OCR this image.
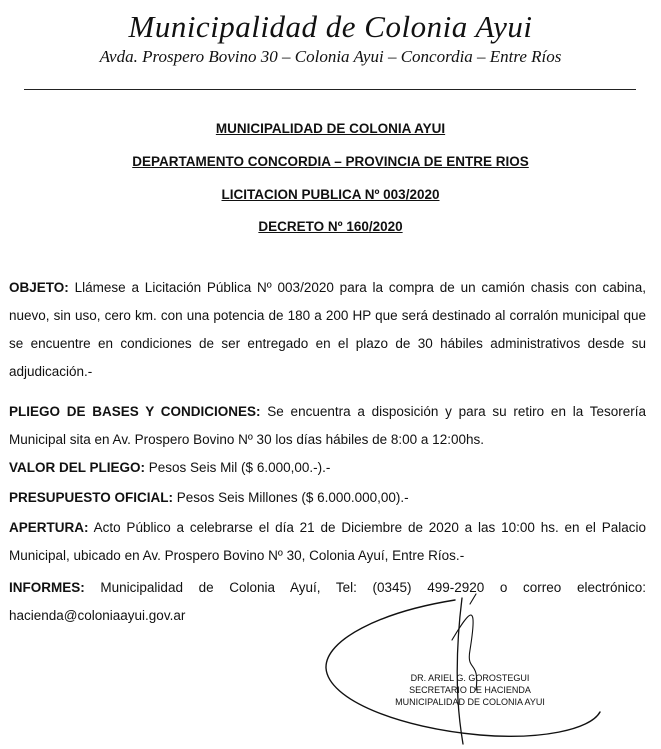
Municipalidad de Colonia Ayui
Avda. Prospero Bovino 30 – Colonia Ayui – Concordia – Entre Ríos
MUNICIPALIDAD DE COLONIA AYUI
DEPARTAMENTO CONCORDIA – PROVINCIA DE ENTRE RIOS
LICITACION PUBLICA Nº 003/2020
DECRETO Nº 160/2020
OBJETO: Llámese a Licitación Pública Nº 003/2020 para la compra de un camión chasis con cabina, nuevo, sin uso, cero km. con una potencia de 180 a 200 HP que será destinado al corralón municipal que se encuentre en condiciones de ser entregado en el plazo de 30 hábiles administrativos desde su adjudicación.-
PLIEGO DE BASES Y CONDICIONES: Se encuentra a disposición y para su retiro en la Tesorería Municipal sita en Av. Prospero Bovino Nº 30 los días hábiles de 8:00 a 12:00hs.
VALOR DEL PLIEGO: Pesos Seis Mil ($ 6.000,00.-).-
PRESUPUESTO OFICIAL: Pesos Seis Millones ($ 6.000.000,00).-
APERTURA: Acto Público a celebrarse el día 21 de Diciembre de 2020 a las 10:00 hs. en el Palacio Municipal, ubicado en Av. Prospero Bovino Nº 30, Colonia Ayuí, Entre Ríos.-
INFORMES: Municipalidad de Colonia Ayuí, Tel: (0345) 499-2920 o correo electrónico: hacienda@coloniaayui.gov.ar
DR. ARIEL G. GOROSTEGUI
SECRETARIO DE HACIENDA
MUNICIPALIDAD DE COLONIA AYUI
